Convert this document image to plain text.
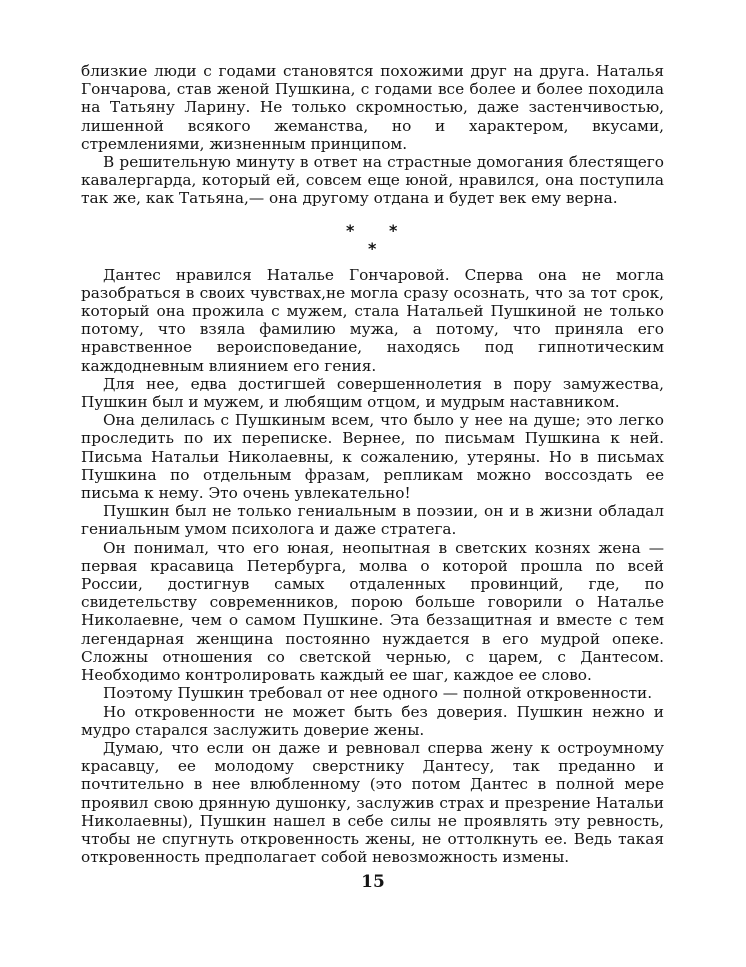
близкие люди с годами становятся похожими друг на друга. Наталья Гончарова, став женой Пушкина, с годами все более и более походила на Татьяну Ларину. Не только скромностью, даже застенчивостью, лишенной всякого жеманства, но и характером, вкусами, стремлениями, жизненным принципом.

В решительную минуту в ответ на страстные домогания блестящего кавалергарда, который ей, совсем еще юной, нравился, она поступила так же, как Татьяна,— она другому отдана и будет век ему верна.

* *
*

Дантес нравился Наталье Гончаровой. Сперва она не могла разобраться в своих чувствах,не могла сразу осознать, что за тот срок, который она прожила с мужем, стала Натальей Пушкиной не только потому, что взяла фамилию мужа, а потому, что приняла его нравственное вероисповедание, находясь под гипнотическим каждодневным влиянием его гения.

Для нее, едва достигшей совершеннолетия в пору замужества, Пушкин был и мужем, и любящим отцом, и мудрым наставником.

Она делилась с Пушкиным всем, что было у нее на душе; это легко проследить по их переписке. Вернее, по письмам Пушкина к ней. Письма Натальи Николаевны, к сожалению, утеряны. Но в письмах Пушкина по отдельным фразам, репликам можно воссоздать ее письма к нему. Это очень увлекательно!

Пушкин был не только гениальным в поэзии, он и в жизни обладал гениальным умом психолога и даже стратега.

Он понимал, что его юная, неопытная в светских кознях жена — первая красавица Петербурга, молва о которой прошла по всей России, достигнув самых отдаленных провинций, где, по свидетельству современников, порою больше говорили о Наталье Николаевне, чем о самом Пушкине. Эта беззащитная и вместе с тем легендарная женщина постоянно нуждается в его мудрой опеке. Сложны отношения со светской чернью, с царем, с Дантесом. Необходимо контролировать каждый ее шаг, каждое ее слово.

Поэтому Пушкин требовал от нее одного — полной откровенности.

Но откровенности не может быть без доверия. Пушкин нежно и мудро старался заслужить доверие жены.

Думаю, что если он даже и ревновал сперва жену к остроумному красавцу, ее молодому сверстнику Дантесу, так преданно и почтительно в нее влюбленному (это потом Дантес в полной мере проявил свою дрянную душонку, заслужив страх и презрение Натальи Николаевны), Пушкин нашел в себе силы не проявлять эту ревность, чтобы не спугнуть откровенность жены, не оттолкнуть ее. Ведь такая откровенность предполагает собой невозможность измены.

15
